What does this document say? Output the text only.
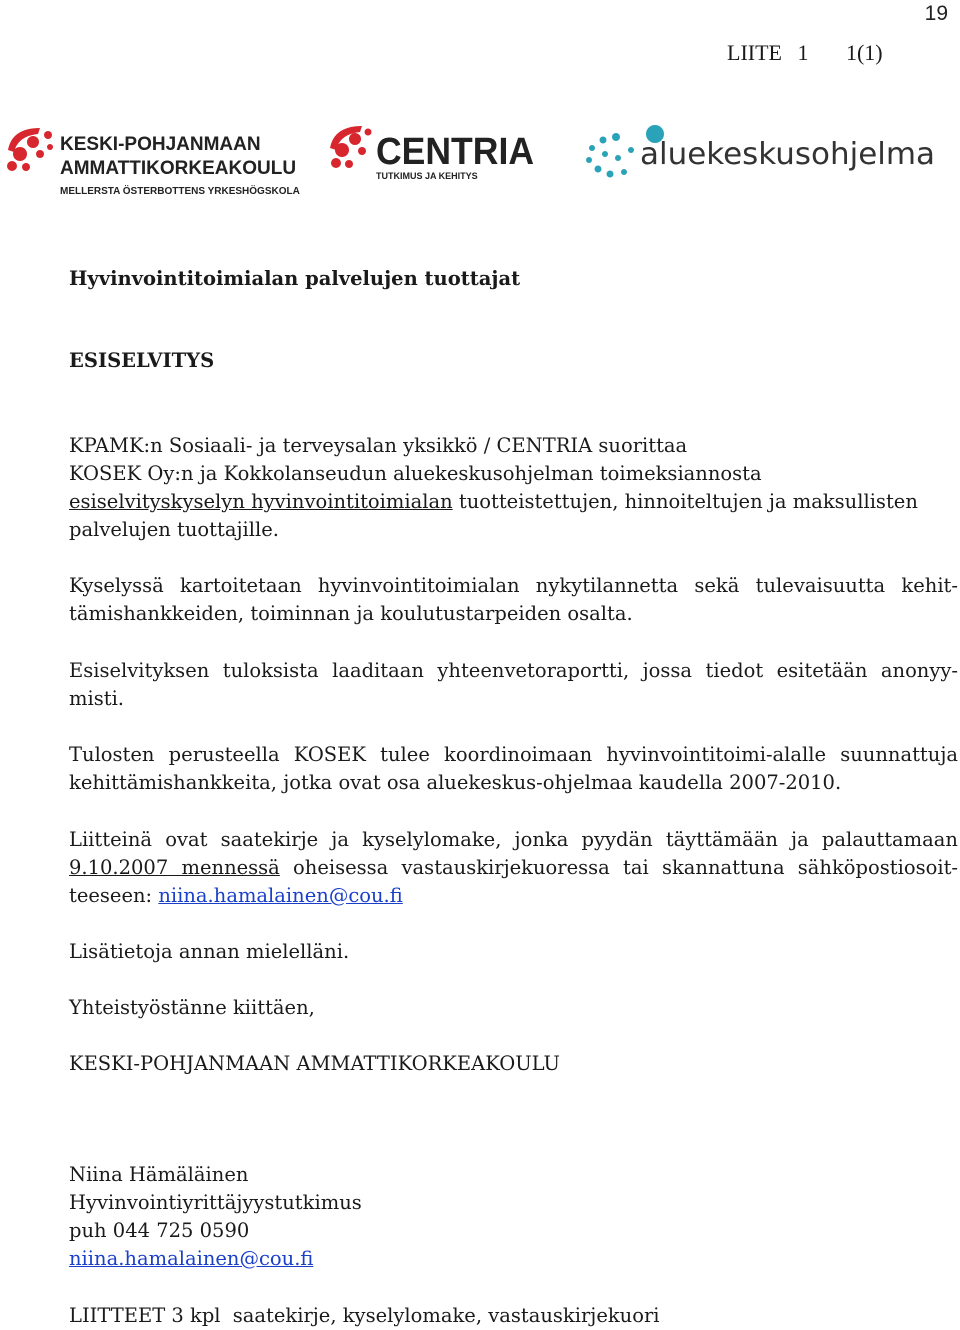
19
LIITE 1 1(1)
KESKI-POHJANMAAN
AMMATTIKORKEAKOULU
MELLERSTA ÖSTERBOTTENS YRKESHÖGSKOLA
CENTRIA
TUTKIMUS JA KEHITYS
aluekeskusohjelma
Hyvinvointitoimialan palvelujen tuottajat
ESISELVITYS
KPAMK:n Sosiaali- ja terveysalan yksikkö / CENTRIA suorittaa
KOSEK Oy:n ja Kokkolanseudun aluekeskusohjelman toimeksiannosta
esiselvityskyselyn hyvinvointitoimialan tuotteistettujen, hinnoiteltujen ja maksullisten
palvelujen tuottajille.
Kyselyssä kartoitetaan hyvinvointitoimialan nykytilannetta sekä tulevaisuutta kehit-
tämishankkeiden, toiminnan ja koulutustarpeiden osalta.
Esiselvityksen tuloksista laaditaan yhteenvetoraportti, jossa tiedot esitetään anonyy-
misti.
Tulosten perusteella KOSEK tulee koordinoimaan hyvinvointitoimi-alalle suunnattuja
kehittämishankkeita, jotka ovat osa aluekeskus-ohjelmaa kaudella 2007-2010.
Liitteinä ovat saatekirje ja kyselylomake, jonka pyydän täyttämään ja palauttamaan
9.10.2007 mennessä oheisessa vastauskirjekuoressa tai skannattuna sähköpostiosoit-
teeseen: niina.hamalainen@cou.fi
Lisätietoja annan mielelläni.
Yhteistyöstänne kiittäen,
KESKI-POHJANMAAN AMMATTIKORKEAKOULU
Niina Hämäläinen
Hyvinvointiyrittäjyystutkimus
puh 044 725 0590
niina.hamalainen@cou.fi
LIITTEET 3 kpl saatekirje, kyselylomake, vastauskirjekuori
